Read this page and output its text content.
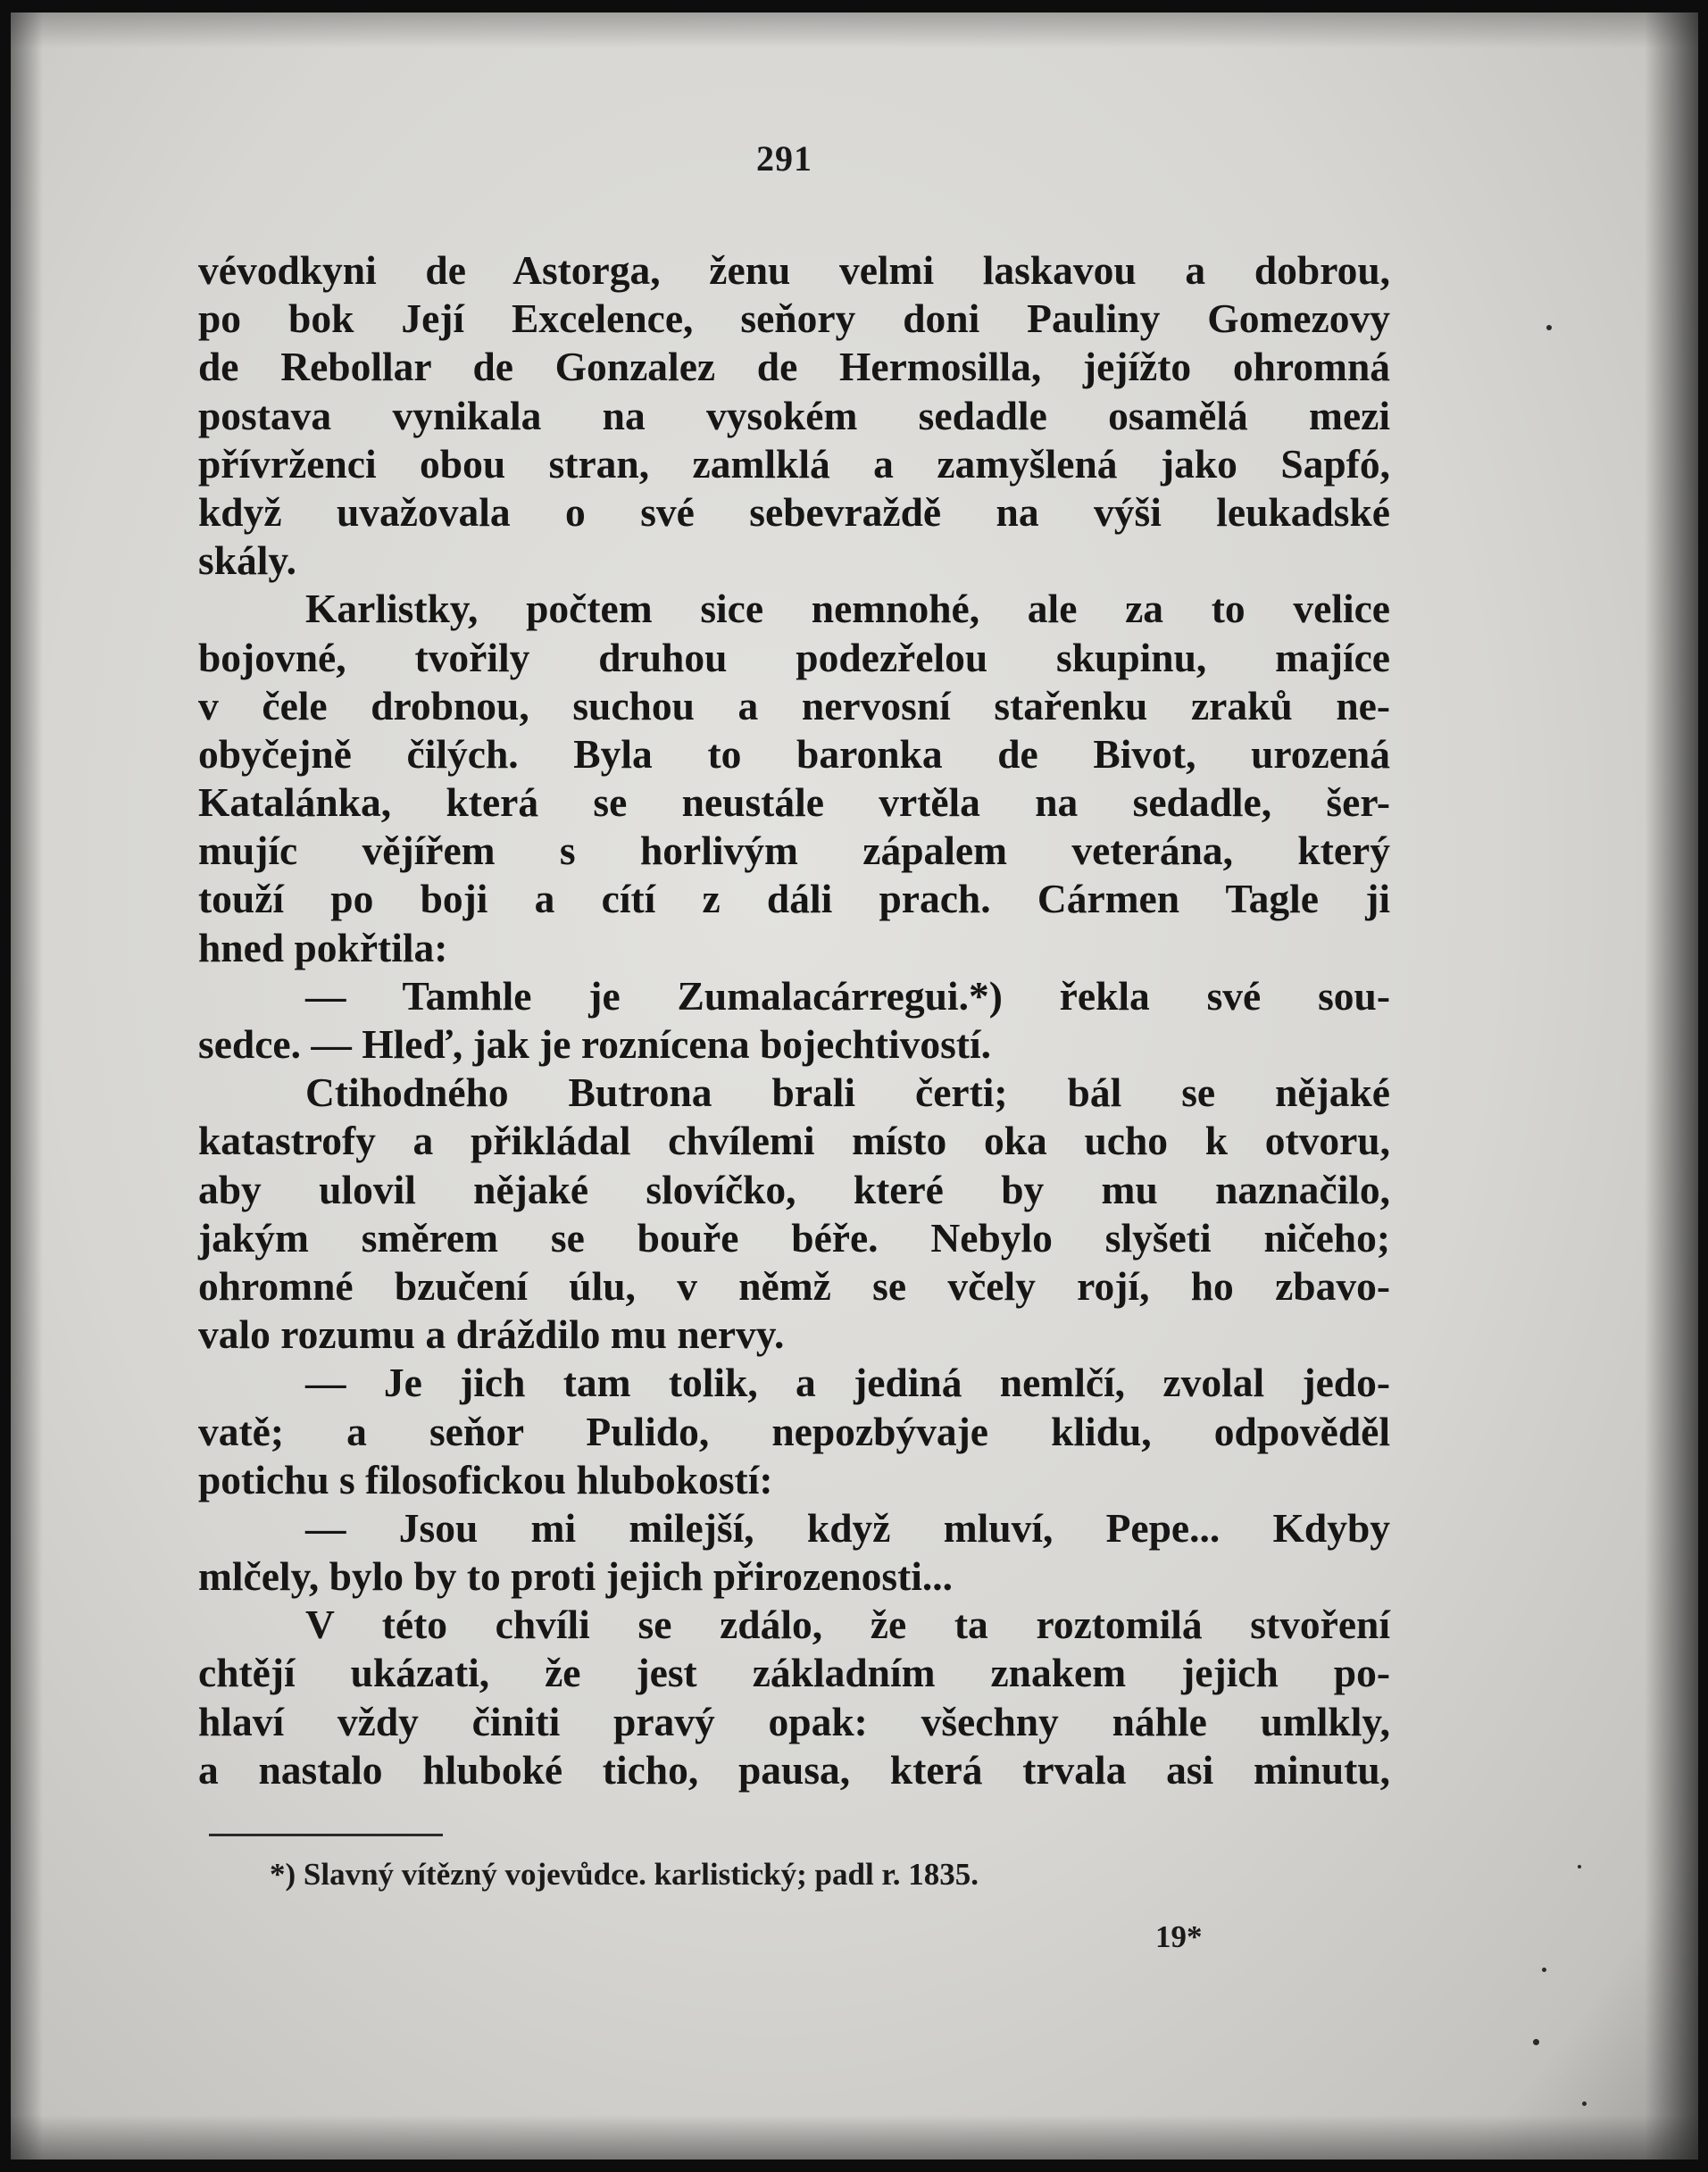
291
vévodkyni de Astorga, ženu velmi laskavou a dobrou,
po bok Její Excelence, seňory doni Pauliny Gomezovy
de Rebollar de Gonzalez de Hermosilla, jejížto ohromná
postava vynikala na vysokém sedadle osamělá mezi
přívrženci obou stran, zamlklá a zamyšlená jako Sapfó,
když uvažovala o své sebevraždě na výši leukadské
skály.
Karlistky, počtem sice nemnohé, ale za to velice
bojovné, tvořily druhou podezřelou skupinu, majíce
v čele drobnou, suchou a nervosní stařenku zraků ne-
obyčejně čilých. Byla to baronka de Bivot, urozená
Katalánka, která se neustále vrtěla na sedadle, šer-
mujíc vějířem s horlivým zápalem veterána, který
touží po boji a cítí z dáli prach. Cármen Tagle ji
hned pokřtila:
— Tamhle je Zumalacárregui.*) řekla své sou-
sedce. — Hleď, jak je roznícena bojechtivostí.
Ctihodného Butrona brali čerti; bál se nějaké
katastrofy a přikládal chvílemi místo oka ucho k otvoru,
aby ulovil nějaké slovíčko, které by mu naznačilo,
jakým směrem se bouře béře. Nebylo slyšeti ničeho;
ohromné bzučení úlu, v němž se včely rojí, ho zbavo-
valo rozumu a dráždilo mu nervy.
— Je jich tam tolik, a jediná nemlčí, zvolal jedo-
vatě; a seňor Pulido, nepozbývaje klidu, odpověděl
potichu s filosofickou hlubokostí:
— Jsou mi milejší, když mluví, Pepe... Kdyby
mlčely, bylo by to proti jejich přirozenosti...
V této chvíli se zdálo, že ta roztomilá stvoření
chtějí ukázati, že jest základním znakem jejich po-
hlaví vždy činiti pravý opak: všechny náhle umlkly,
a nastalo hluboké ticho, pausa, která trvala asi minutu,
*) Slavný vítězný vojevůdce. karlistický; padl r. 1835.
19*
